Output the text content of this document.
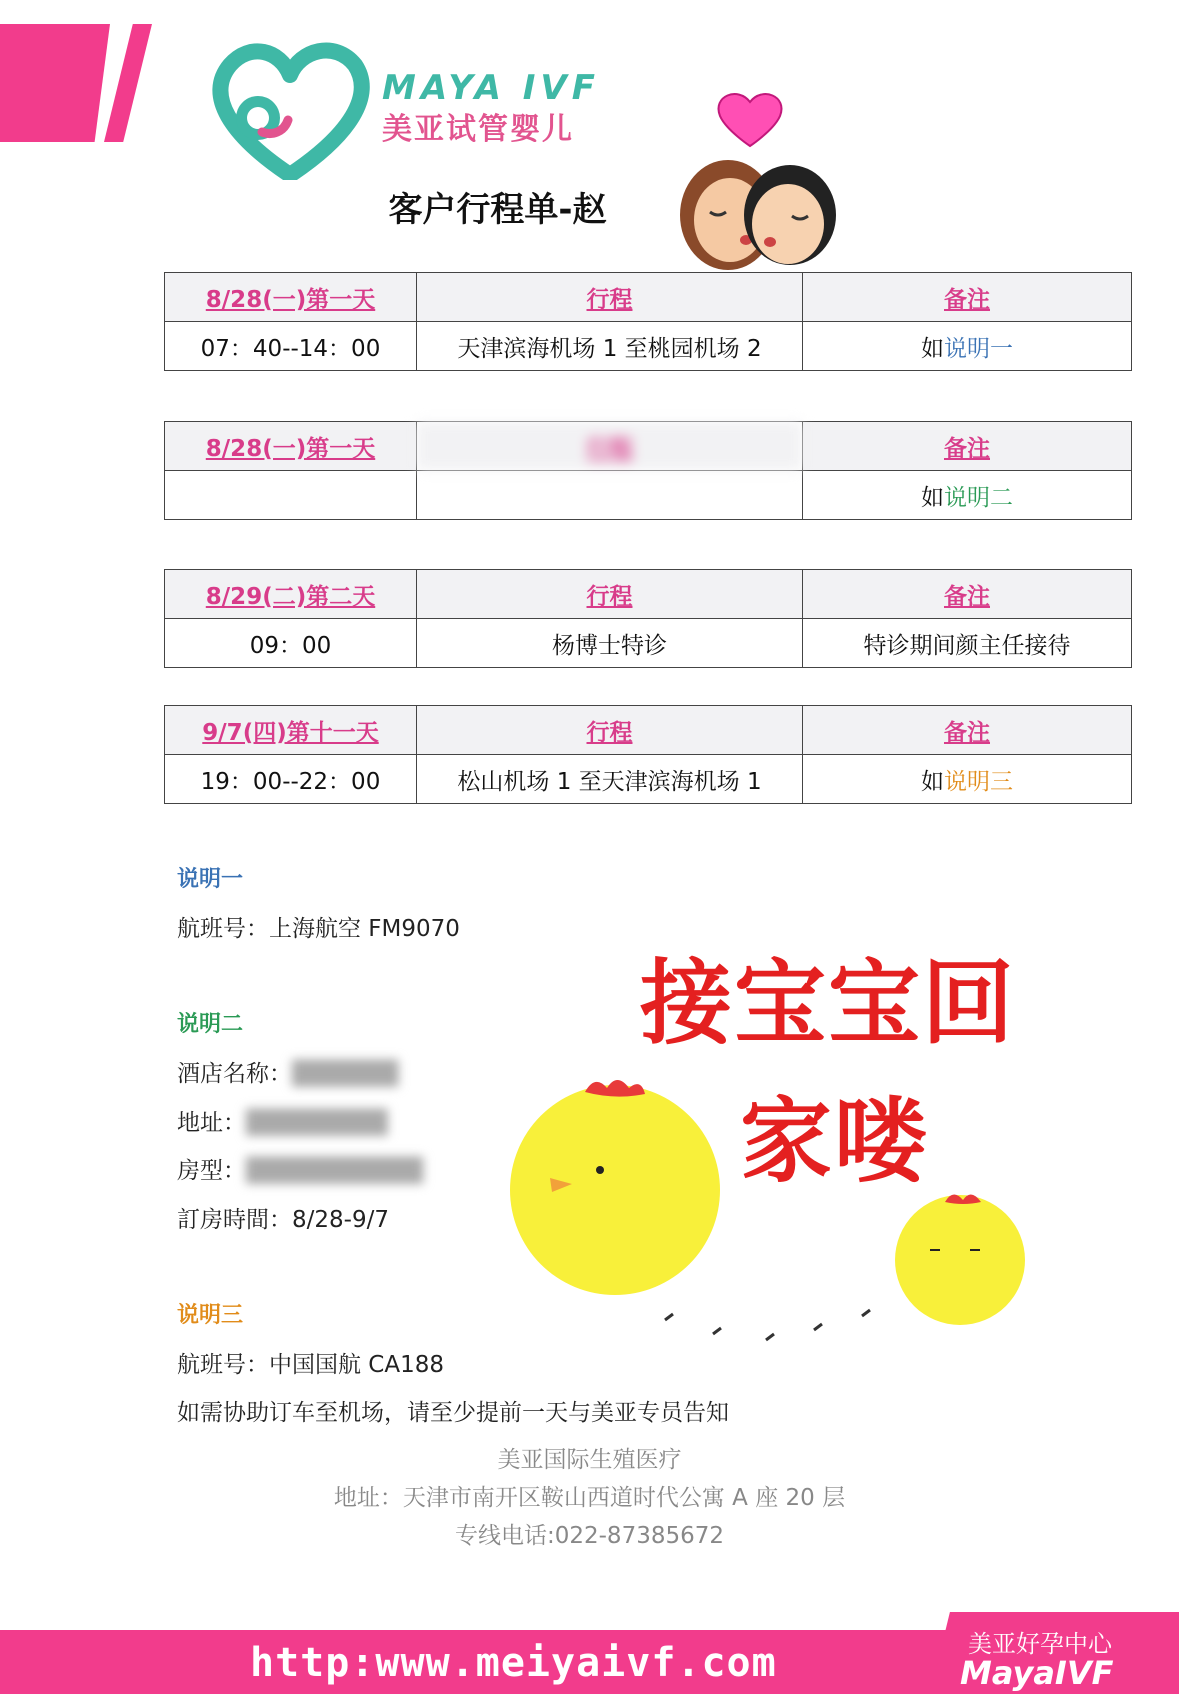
MAYA IVF
美亚试管婴儿
客户行程单-赵
8/28(一)第一天	行程	备注
07：40--14：00	天津滨海机场 1 至桃园机场 2	如说明一
8/28(一)第一天	行程	备注
		如说明二
8/29(二)第二天	行程	备注
09：00	杨博士特诊	特诊期间颜主任接待
9/7(四)第十一天	行程	备注
19：00--22：00	松山机场 1 至天津滨海机场 1	如说明三
说明一
航班号：上海航空 FM9070
说明二
酒店名称：██████
地址：████████
房型：██████████
訂房時間：8/28-9/7
说明三
航班号：中国国航 CA188
如需协助订车至机场，请至少提前一天与美亚专员告知
接宝宝回
家喽
美亚国际生殖医疗
地址：天津市南开区鞍山西道时代公寓 A 座 20 层
专线电话:022-87385672
http:www.meiyaivf.com	美亚好孕中心
MayaIVF
